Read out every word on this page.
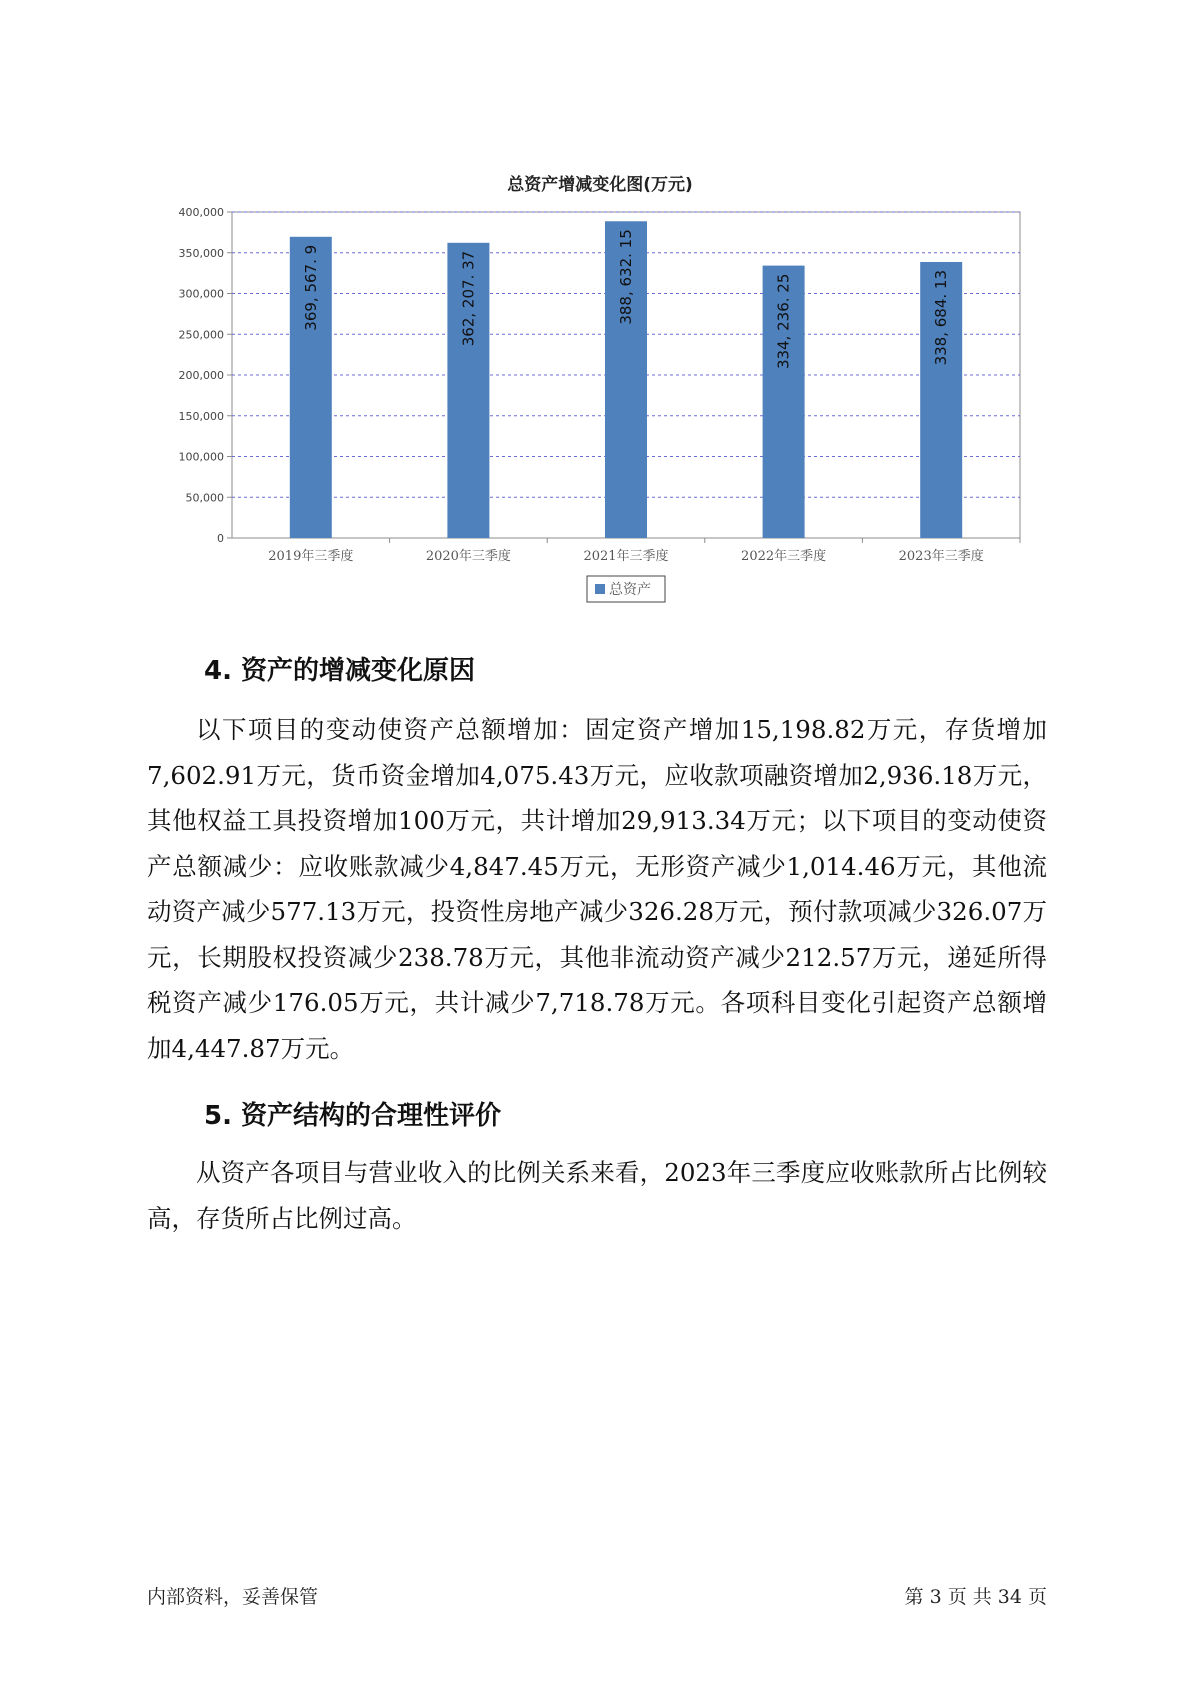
总资产增减变化图(万元)
0
50,000
100,000
150,000
200,000
250,000
300,000
350,000
400,000
369, 567. 9
2019年三季度
362, 207. 37
2020年三季度
388, 632. 15
2021年三季度
334, 236. 25
2022年三季度
338, 684. 13
2023年三季度
总资产
4. 资产的增减变化原因

以下项目的变动使资产总额增加：固定资产增加15,198.82万元，存货增加7,602.91万元，货币资金增加4,075.43万元，应收款项融资增加2,936.18万元，其他权益工具投资增加100万元，共计增加29,913.34万元；以下项目的变动使资产总额减少：应收账款减少4,847.45万元，无形资产减少1,014.46万元，其他流动资产减少577.13万元，投资性房地产减少326.28万元，预付款项减少326.07万元，长期股权投资减少238.78万元，其他非流动资产减少212.57万元，递延所得税资产减少176.05万元，共计减少7,718.78万元。各项科目变化引起资产总额增加4,447.87万元。

5. 资产结构的合理性评价

从资产各项目与营业收入的比例关系来看，2023年三季度应收账款所占比例较高，存货所占比例过高。

内部资料，妥善保管	第 3 页 共 34 页
